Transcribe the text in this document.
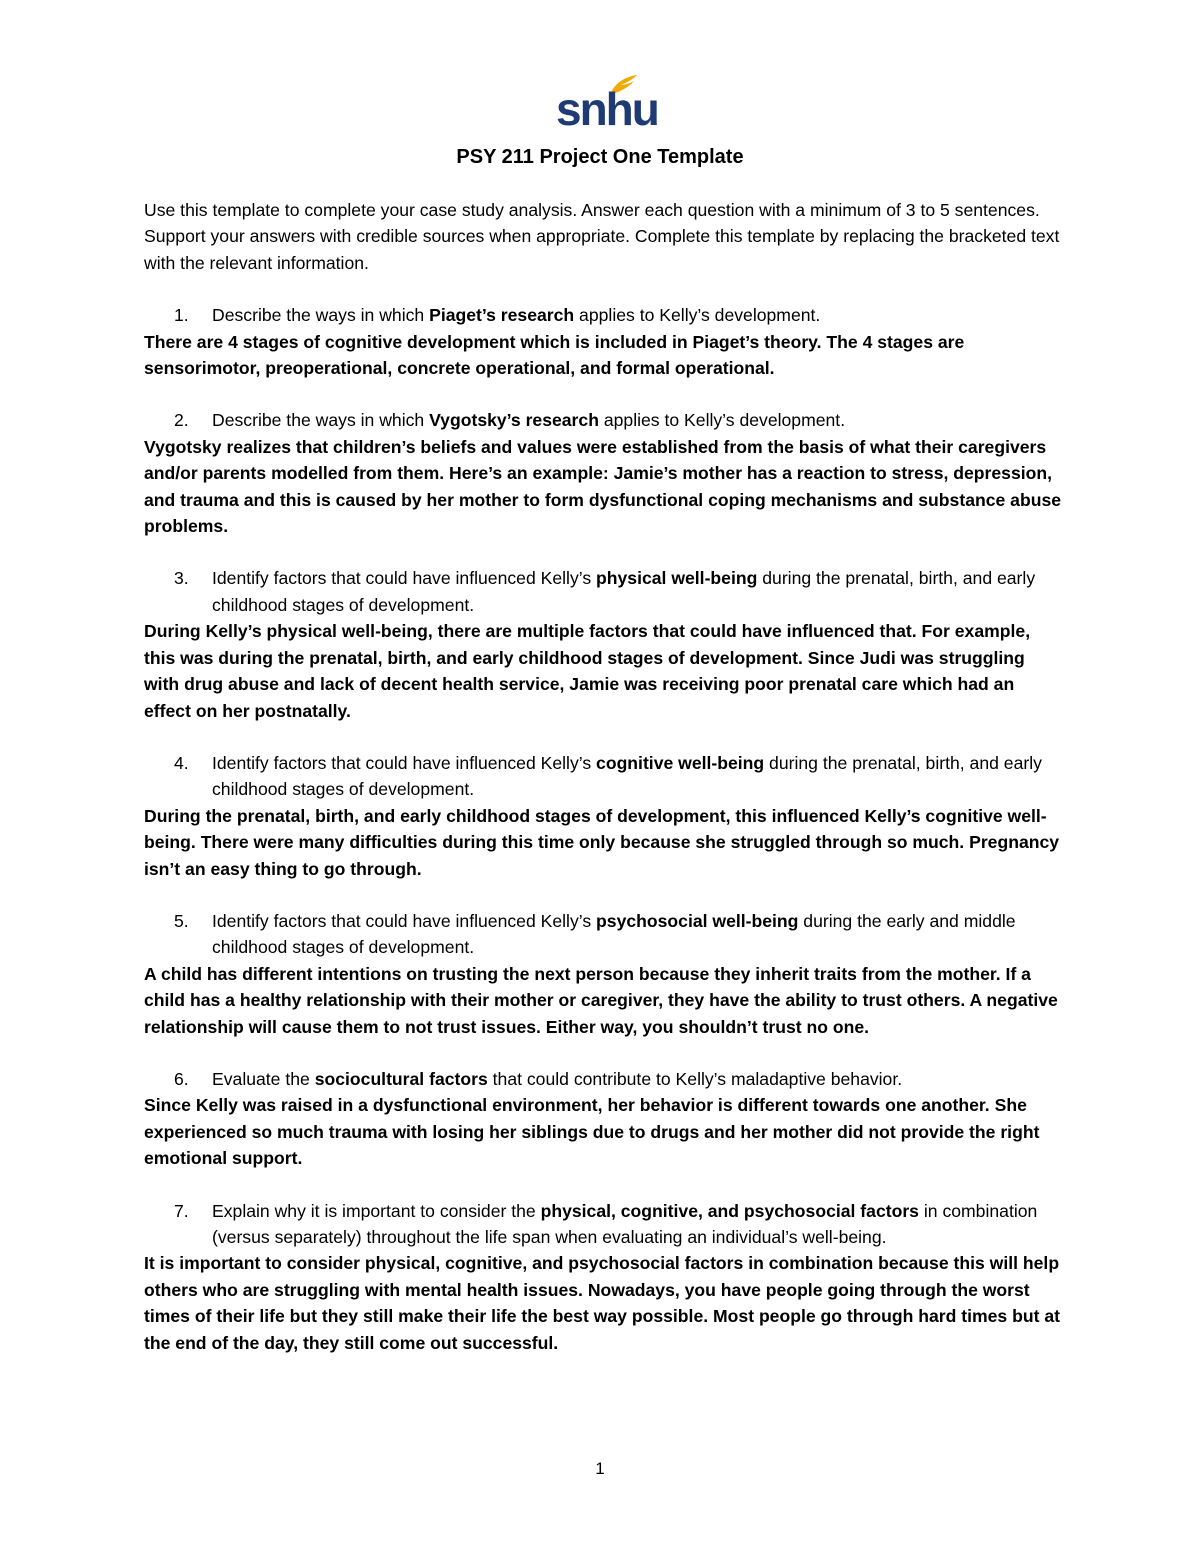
snhu
PSY 211 Project One Template

Use this template to complete your case study analysis. Answer each question with a minimum of 3 to 5 sentences. Support your answers with credible sources when appropriate. Complete this template by replacing the bracketed text with the relevant information.

1.	Describe the ways in which Piaget’s research applies to Kelly’s development.
There are 4 stages of cognitive development which is included in Piaget’s theory. The 4 stages are sensorimotor, preoperational, concrete operational, and formal operational.
2.	Describe the ways in which Vygotsky’s research applies to Kelly’s development.
Vygotsky realizes that children’s beliefs and values were established from the basis of what their caregivers and/or parents modelled from them. Here’s an example: Jamie’s mother has a reaction to stress, depression, and trauma and this is caused by her mother to form dysfunctional coping mechanisms and substance abuse problems.
3.	Identify factors that could have influenced Kelly’s physical well-being during the prenatal, birth, and early childhood stages of development.
During Kelly’s physical well-being, there are multiple factors that could have influenced that. For example, this was during the prenatal, birth, and early childhood stages of development. Since Judi was struggling with drug abuse and lack of decent health service, Jamie was receiving poor prenatal care which had an effect on her postnatally.
4.	Identify factors that could have influenced Kelly’s cognitive well-being during the prenatal, birth, and early childhood stages of development.
During the prenatal, birth, and early childhood stages of development, this influenced Kelly’s cognitive well-being. There were many difficulties during this time only because she struggled through so much. Pregnancy isn’t an easy thing to go through.
5.	Identify factors that could have influenced Kelly’s psychosocial well-being during the early and middle childhood stages of development.
A child has different intentions on trusting the next person because they inherit traits from the mother. If a child has a healthy relationship with their mother or caregiver, they have the ability to trust others. A negative relationship will cause them to not trust issues. Either way, you shouldn’t trust no one.
6.	Evaluate the sociocultural factors that could contribute to Kelly’s maladaptive behavior.
Since Kelly was raised in a dysfunctional environment, her behavior is different towards one another. She experienced so much trauma with losing her siblings due to drugs and her mother did not provide the right emotional support.
7.	Explain why it is important to consider the physical, cognitive, and psychosocial factors in combination (versus separately) throughout the life span when evaluating an individual’s well-being.
It is important to consider physical, cognitive, and psychosocial factors in combination because this will help others who are struggling with mental health issues. Nowadays, you have people going through the worst times of their life but they still make their life the best way possible. Most people go through hard times but at the end of the day, they still come out successful.
1
